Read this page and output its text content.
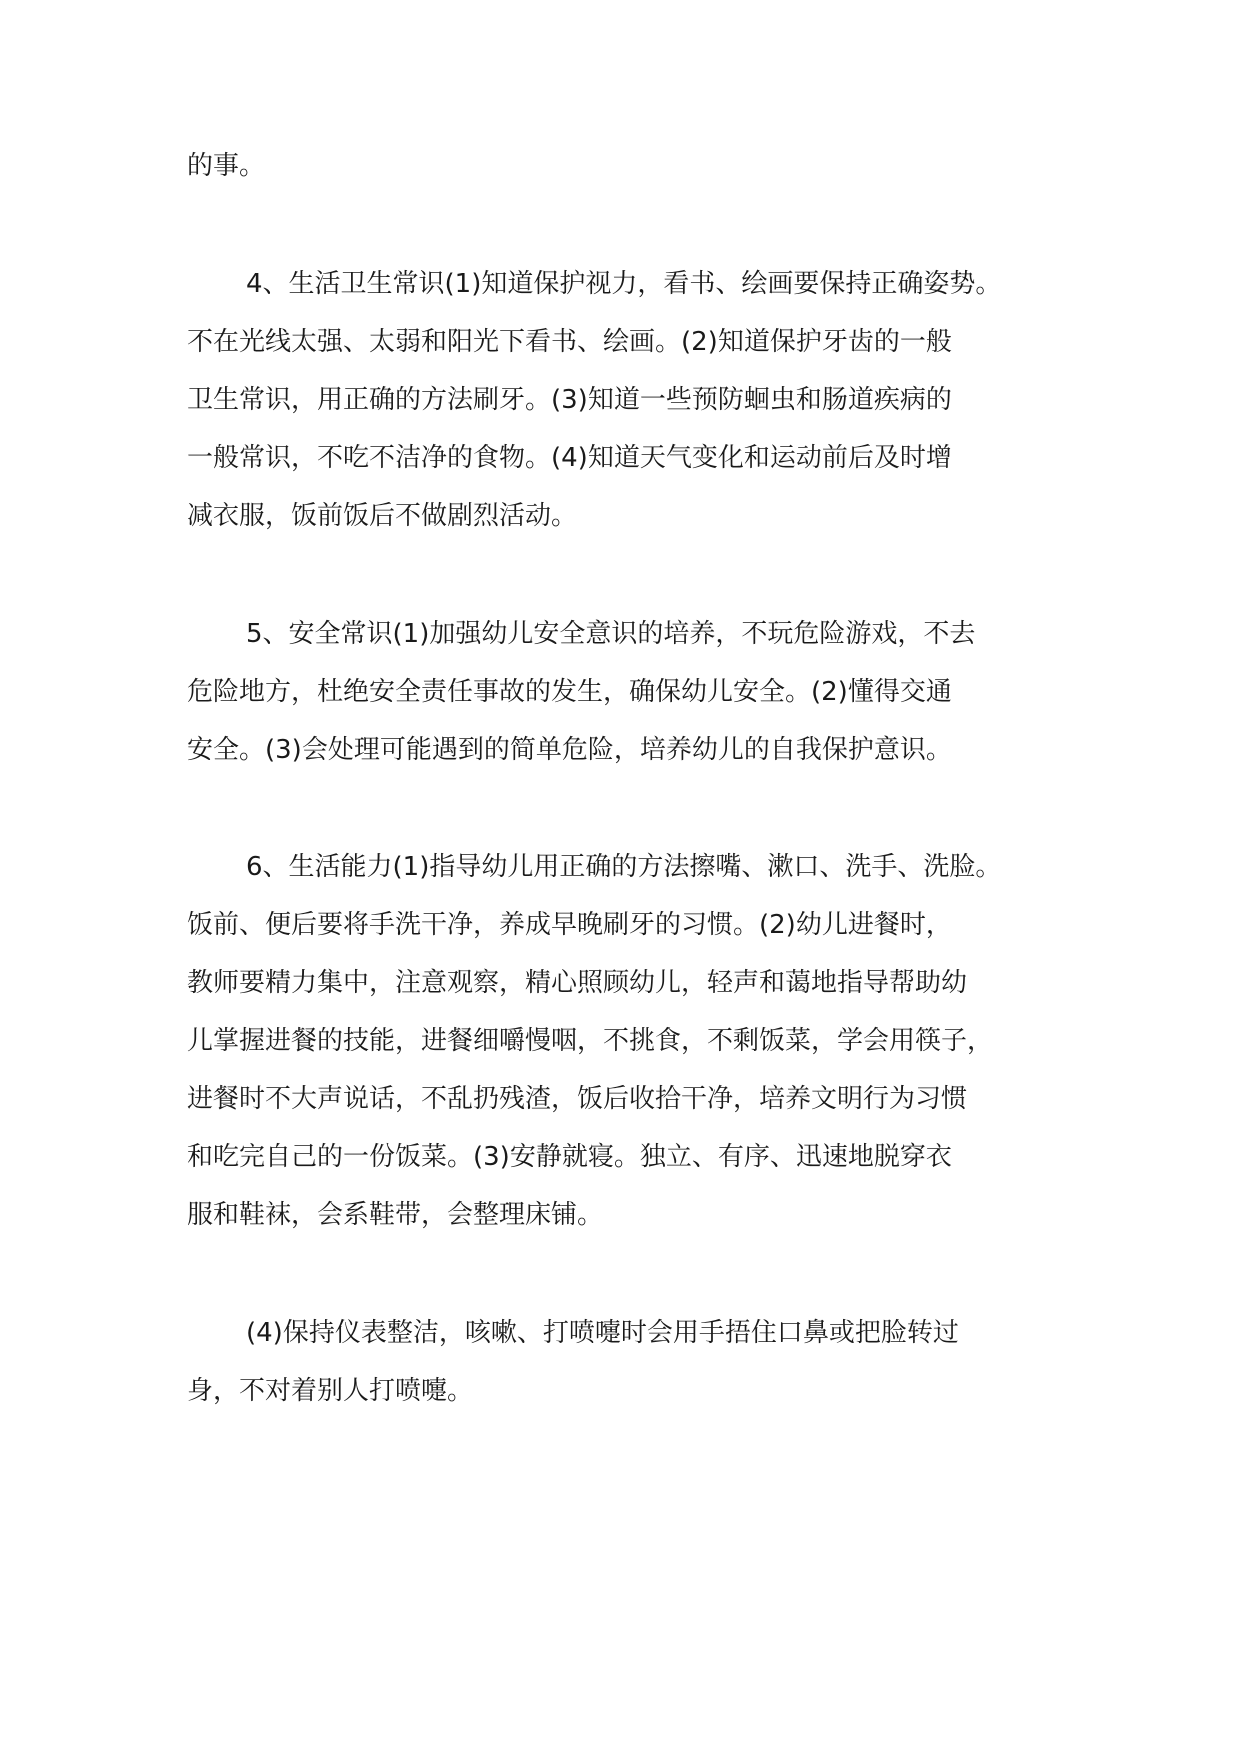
的事。
4、生活卫生常识(1)知道保护视力，看书、绘画要保持正确姿势。
不在光线太强、太弱和阳光下看书、绘画。(2)知道保护牙齿的一般
卫生常识，用正确的方法刷牙。(3)知道一些预防蛔虫和肠道疾病的
一般常识，不吃不洁净的食物。(4)知道天气变化和运动前后及时增
减衣服，饭前饭后不做剧烈活动。
5、安全常识(1)加强幼儿安全意识的培养，不玩危险游戏，不去
危险地方，杜绝安全责任事故的发生，确保幼儿安全。(2)懂得交通
安全。(3)会处理可能遇到的简单危险，培养幼儿的自我保护意识。
6、生活能力(1)指导幼儿用正确的方法擦嘴、漱口、洗手、洗脸。
饭前、便后要将手洗干净，养成早晚刷牙的习惯。(2)幼儿进餐时，
教师要精力集中，注意观察，精心照顾幼儿，轻声和蔼地指导帮助幼
儿掌握进餐的技能，进餐细嚼慢咽，不挑食，不剩饭菜，学会用筷子，
进餐时不大声说话，不乱扔残渣，饭后收拾干净，培养文明行为习惯
和吃完自己的一份饭菜。(3)安静就寝。独立、有序、迅速地脱穿衣
服和鞋袜，会系鞋带，会整理床铺。
(4)保持仪表整洁，咳嗽、打喷嚏时会用手捂住口鼻或把脸转过
身，不对着别人打喷嚏。
